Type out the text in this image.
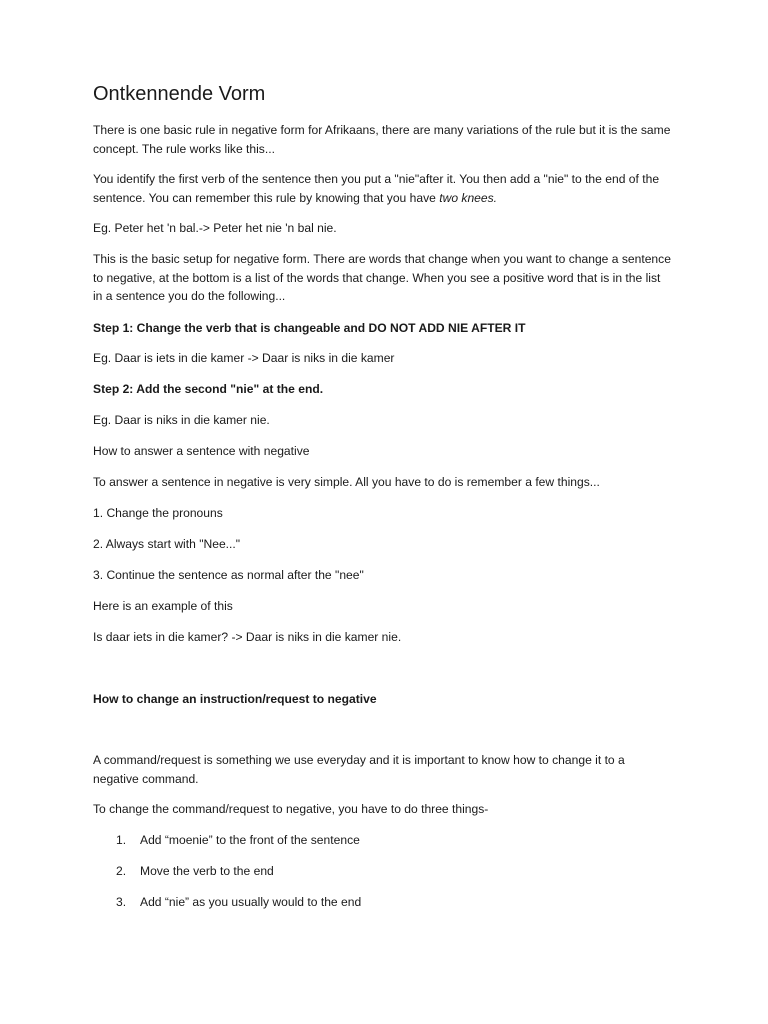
Ontkennende Vorm

There is one basic rule in negative form for Afrikaans, there are many variations of the rule but it is the same concept. The rule works like this...

You identify the first verb of the sentence then you put a "nie"after it. You then add a "nie" to the end of the sentence. You can remember this rule by knowing that you have two knees.

Eg. Peter het 'n bal.-> Peter het nie 'n bal nie.

This is the basic setup for negative form. There are words that change when you want to change a sentence to negative, at the bottom is a list of the words that change. When you see a positive word that is in the list in a sentence you do the following...

Step 1: Change the verb that is changeable and DO NOT ADD NIE AFTER IT

Eg. Daar is iets in die kamer -> Daar is niks in die kamer

Step 2: Add the second "nie" at the end.

Eg. Daar is niks in die kamer nie.

How to answer a sentence with negative

To answer a sentence in negative is very simple. All you have to do is remember a few things...

1. Change the pronouns

2. Always start with "Nee..."

3. Continue the sentence as normal after the "nee"

Here is an example of this

Is daar iets in die kamer? -> Daar is niks in die kamer nie.

How to change an instruction/request to negative

A command/request is something we use everyday and it is important to know how to change it to a negative command.

To change the command/request to negative, you have to do three things-

1. Add “moenie” to the front of the sentence
2. Move the verb to the end
3. Add “nie” as you usually would to the end
